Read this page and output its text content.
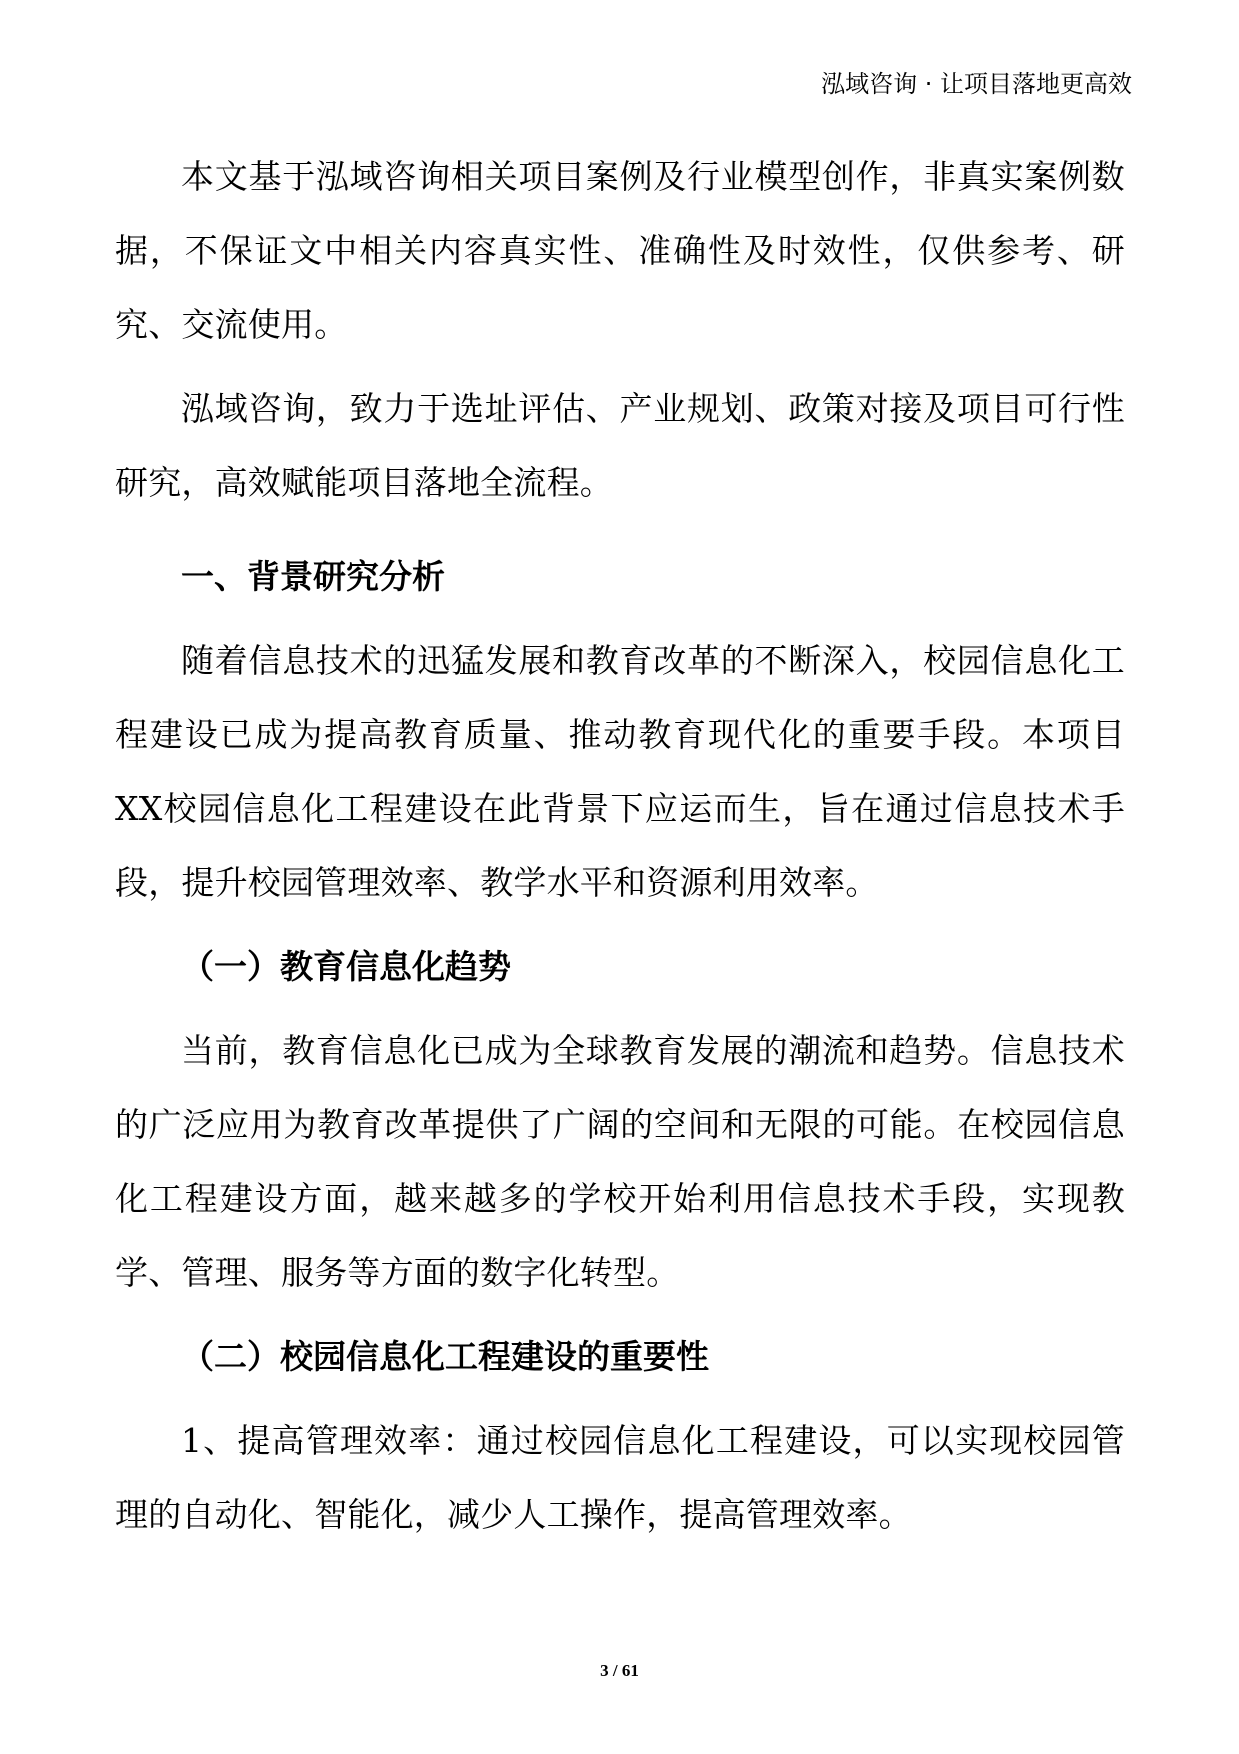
泓域咨询 · 让项目落地更高效

本文基于泓域咨询相关项目案例及行业模型创作，非真实案例数据，不保证文中相关内容真实性、准确性及时效性，仅供参考、研究、交流使用。

泓域咨询，致力于选址评估、产业规划、政策对接及项目可行性研究，高效赋能项目落地全流程。

一、背景研究分析

随着信息技术的迅猛发展和教育改革的不断深入，校园信息化工程建设已成为提高教育质量、推动教育现代化的重要手段。本项目XX校园信息化工程建设在此背景下应运而生，旨在通过信息技术手段，提升校园管理效率、教学水平和资源利用效率。

（一）教育信息化趋势

当前，教育信息化已成为全球教育发展的潮流和趋势。信息技术的广泛应用为教育改革提供了广阔的空间和无限的可能。在校园信息化工程建设方面，越来越多的学校开始利用信息技术手段，实现教学、管理、服务等方面的数字化转型。

（二）校园信息化工程建设的重要性

1、提高管理效率：通过校园信息化工程建设，可以实现校园管理的自动化、智能化，减少人工操作，提高管理效率。

3 / 61
